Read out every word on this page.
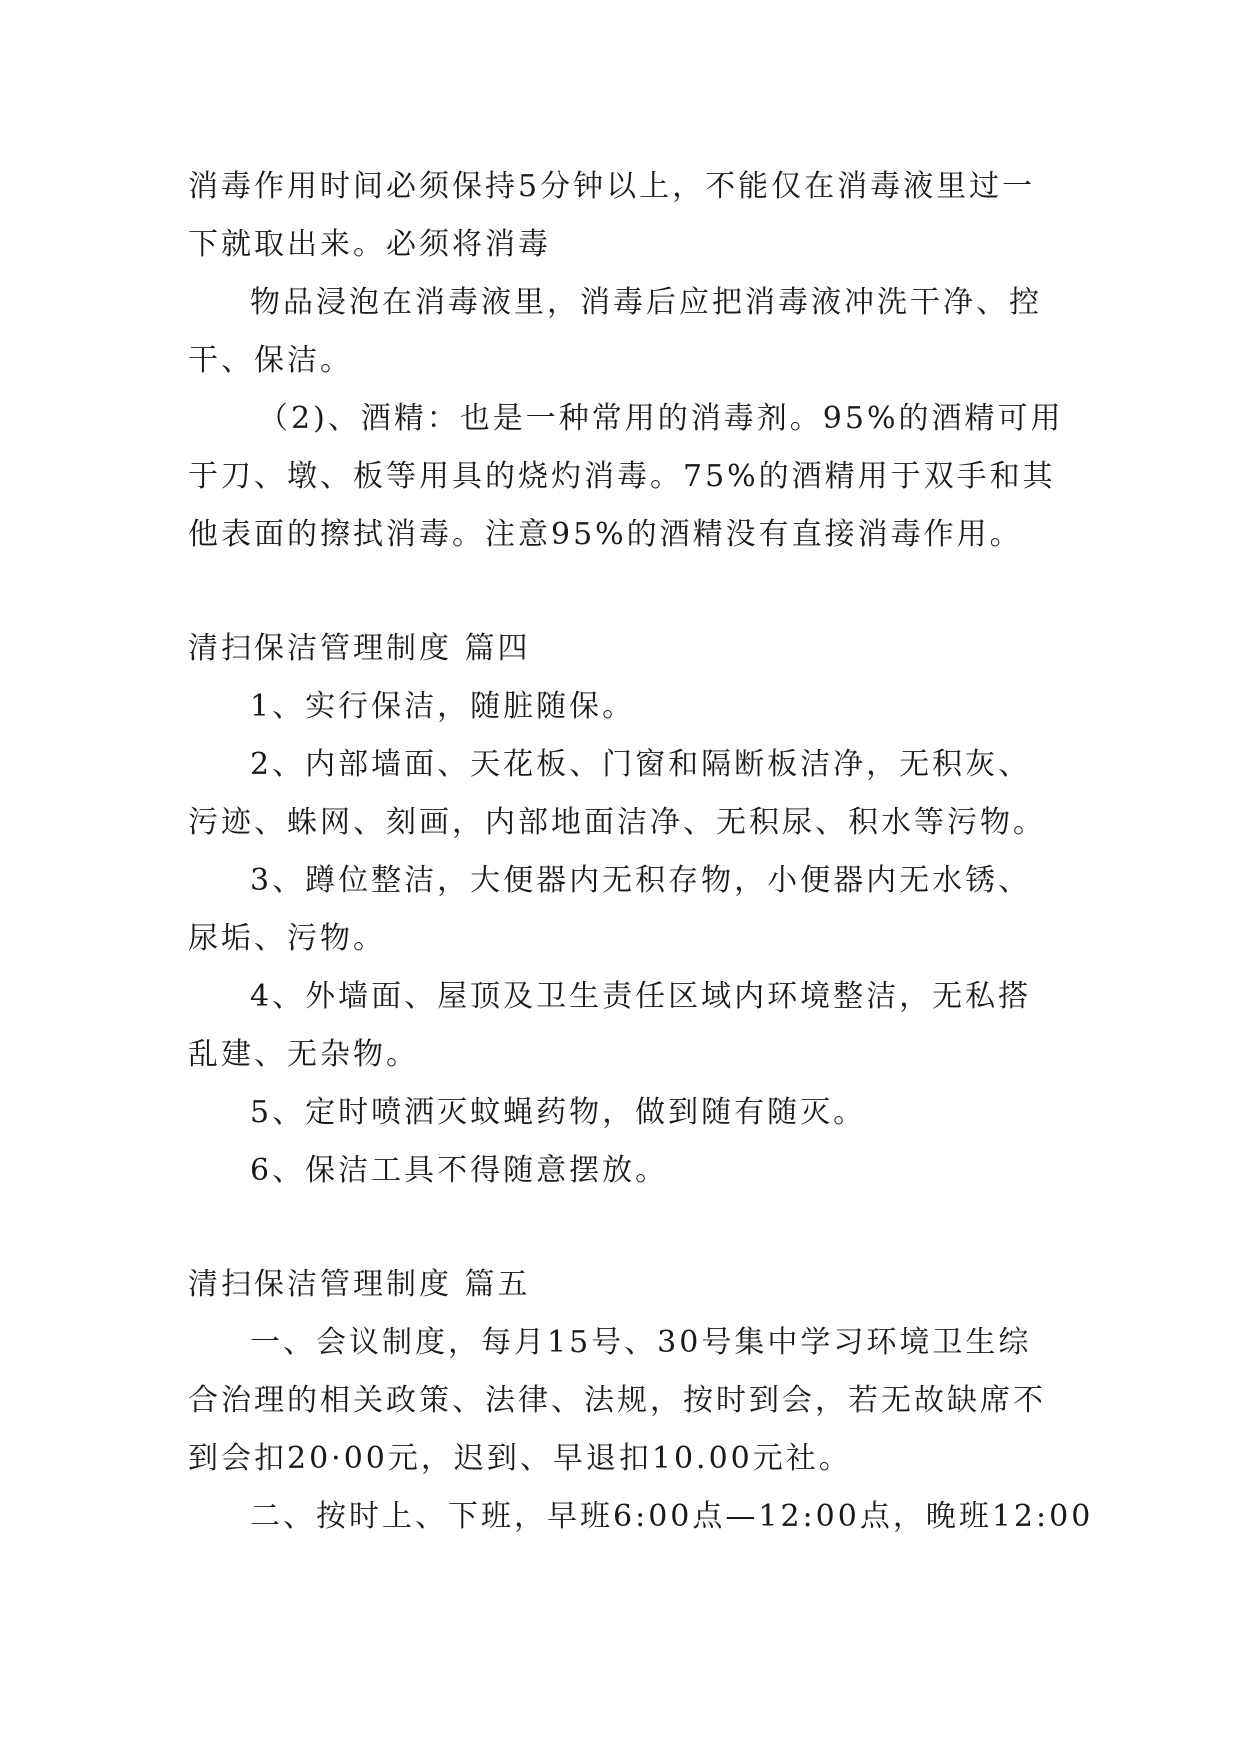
消毒作用时间必须保持5分钟以上，不能仅在消毒液里过一
下就取出来。必须将消毒
物品浸泡在消毒液里，消毒后应把消毒液冲洗干净、控
干、保洁。
（2)、酒精：也是一种常用的消毒剂。95%的酒精可用
于刀、墩、板等用具的烧灼消毒。75%的酒精用于双手和其
他表面的擦拭消毒。注意95%的酒精没有直接消毒作用。
清扫保洁管理制度 篇四
1、实行保洁，随脏随保。
2、内部墙面、天花板、门窗和隔断板洁净，无积灰、
污迹、蛛网、刻画，内部地面洁净、无积尿、积水等污物。
3、蹲位整洁，大便器内无积存物，小便器内无水锈、
尿垢、污物。
4、外墙面、屋顶及卫生责任区域内环境整洁，无私搭
乱建、无杂物。
5、定时喷洒灭蚊蝇药物，做到随有随灭。
6、保洁工具不得随意摆放。
清扫保洁管理制度 篇五
一、会议制度，每月15号、30号集中学习环境卫生综
合治理的相关政策、法律、法规，按时到会，若无故缺席不
到会扣20·00元，迟到、早退扣10.00元社。
二、按时上、下班，早班6:00点—12:00点，晚班12:00
